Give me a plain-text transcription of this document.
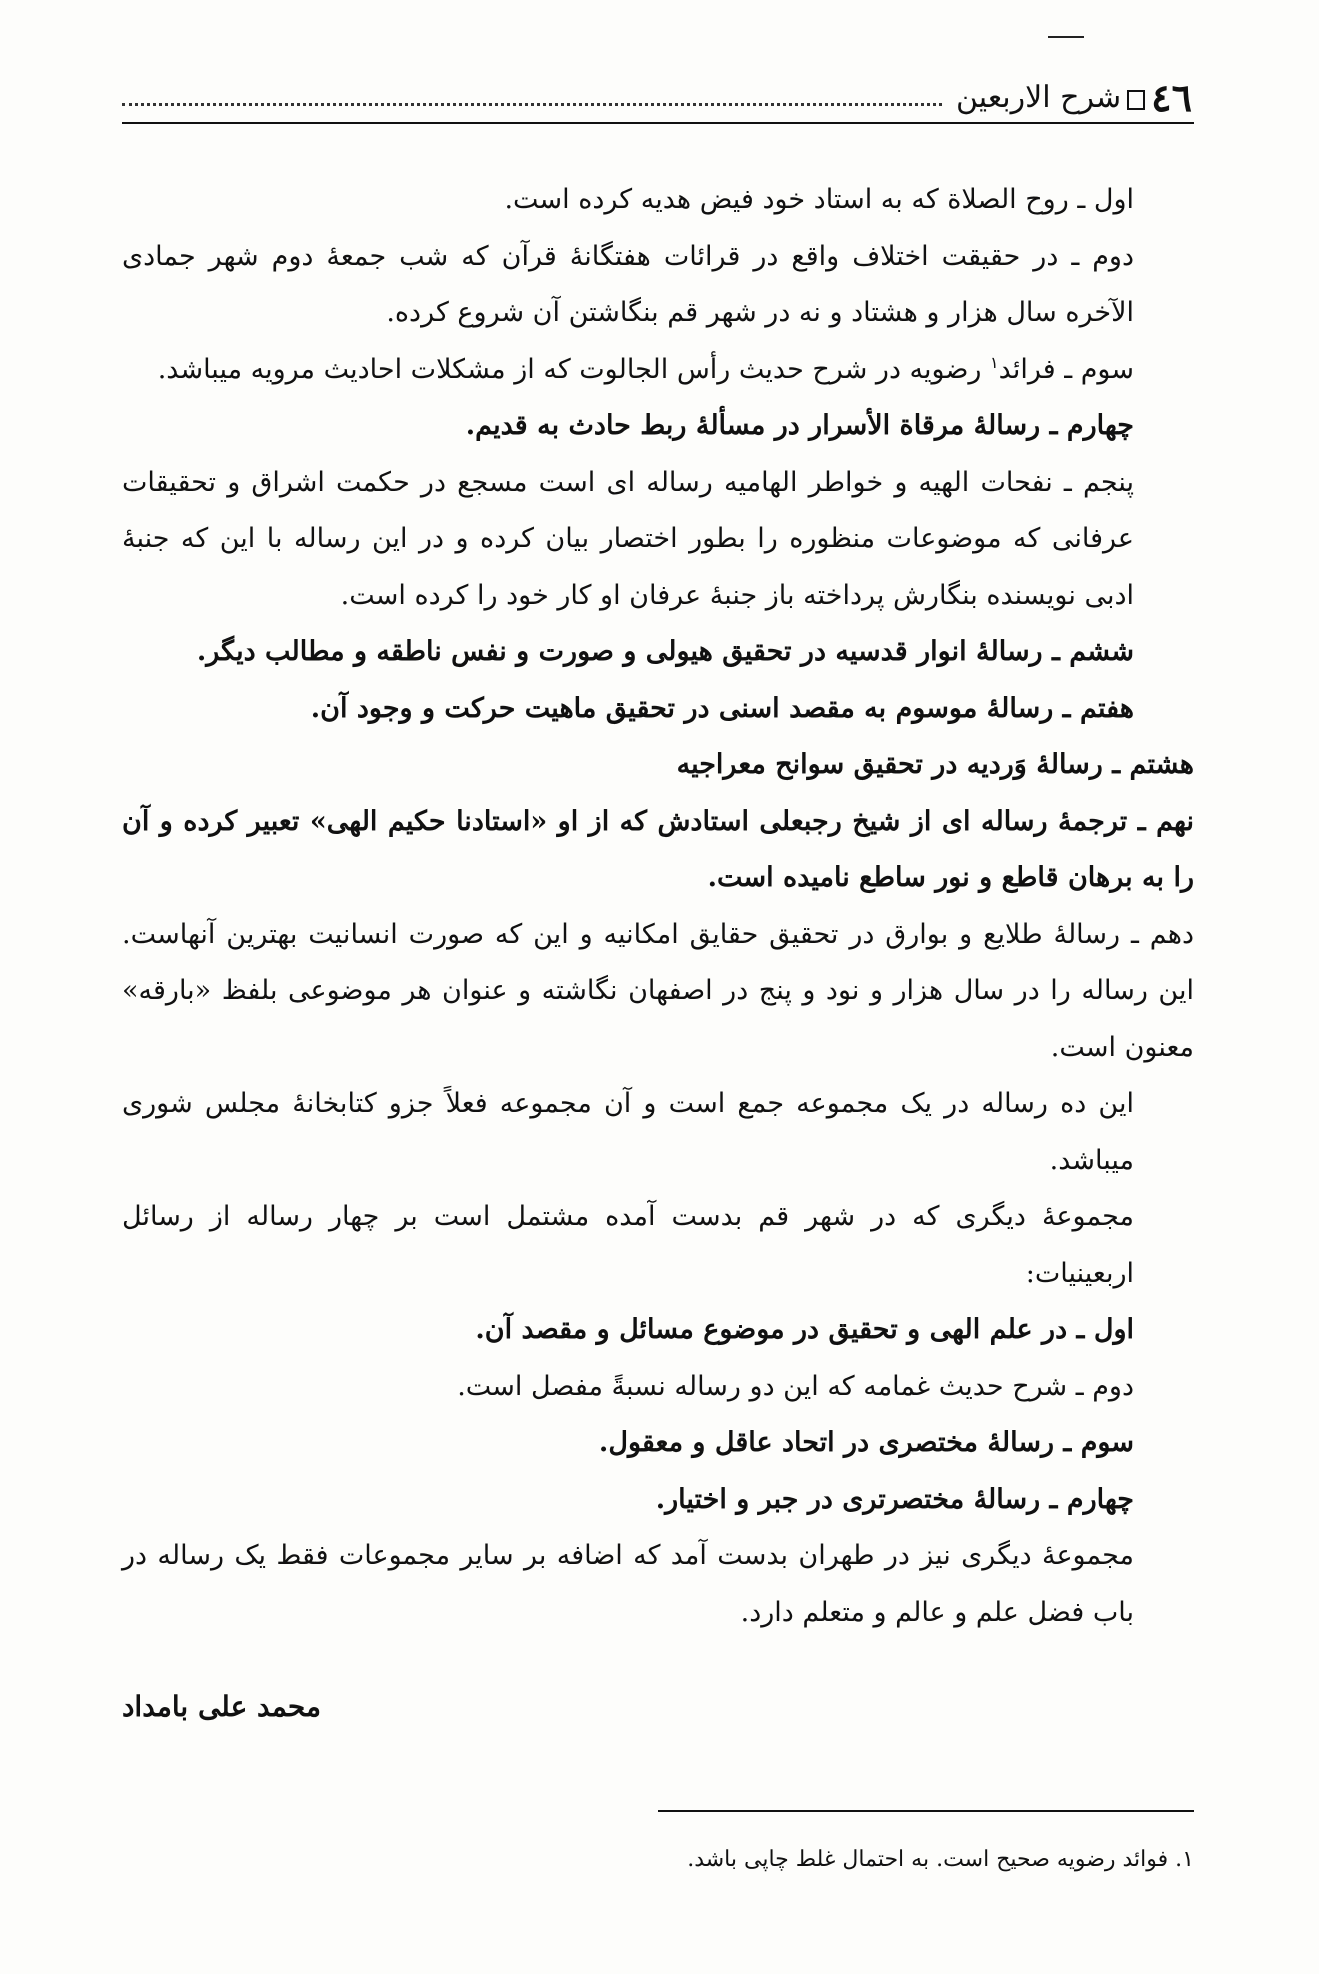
٤٦
شرح الاربعین

اول ـ روح الصلاة که به استاد خود فیض هدیه کرده است.

دوم ـ در حقیقت اختلاف واقع در قرائات هفتگانهٔ قرآن که شب جمعهٔ دوم شهر جمادی الآخره سال هزار و هشتاد و نه در شهر قم بنگاشتن آن شروع کرده.

سوم ـ فرائد$^١$ رضویه در شرح حدیث رأس الجالوت که از مشکلات احادیث مرویه میباشد.

چهارم ـ رسالهٔ مرقاة الأسرار در مسألهٔ ربط حادث به قدیم.

پنجم ـ نفحات الهیه و خواطر الهامیه رساله ای است مسجع در حکمت اشراق و تحقیقات عرفانی که موضوعات منظوره را بطور اختصار بیان کرده و در این رساله با این که جنبهٔ ادبی نویسنده بنگارش پرداخته باز جنبهٔ عرفان او کار خود را کرده است.

ششم ـ رسالهٔ انوار قدسیه در تحقیق هیولی و صورت و نفس ناطقه و مطالب دیگر.

هفتم ـ رسالهٔ موسوم به مقصد اسنی در تحقیق ماهیت حرکت و وجود آن.

هشتم ـ رسالهٔ وَردیه در تحقیق سوانح معراجیه

نهم ـ ترجمهٔ رساله ای از شیخ رجبعلی استادش که از او «استادنا حکیم الهی» تعبیر کرده و آن را به برهان قاطع و نور ساطع نامیده است.

دهم ـ رسالهٔ طلایع و بوارق در تحقیق حقایق امکانیه و این که صورت انسانیت بهترین آنهاست. این رساله را در سال هزار و نود و پنج در اصفهان نگاشته و عنوان هر موضوعی بلفظ «بارقه» معنون است.

این ده رساله در یک مجموعه جمع است و آن مجموعه فعلاً جزو کتابخانهٔ مجلس شوری میباشد.

مجموعهٔ دیگری که در شهر قم بدست آمده مشتمل است بر چهار رساله از رسائل اربعینیات:

اول ـ در علم الهی و تحقیق در موضوع مسائل و مقصد آن.

دوم ـ شرح حدیث غمامه که این دو رساله نسبةً مفصل است.

سوم ـ رسالهٔ مختصری در اتحاد عاقل و معقول.

چهارم ـ رسالهٔ مختصرتری در جبر و اختیار.

مجموعهٔ دیگری نیز در طهران بدست آمد که اضافه بر سایر مجموعات فقط یک رساله در باب فضل علم و عالم و متعلم دارد.

محمد علی بامداد
١. فوائد رضویه صحیح است. به احتمال غلط چاپی باشد.
